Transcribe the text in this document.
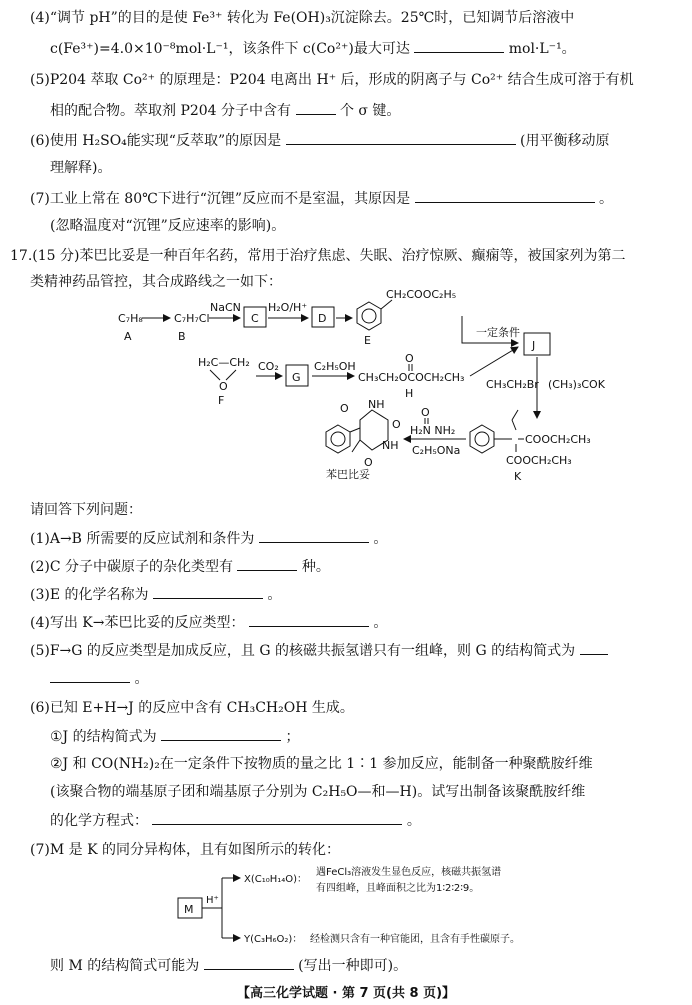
(4)“调节 pH”的目的是使 Fe³⁺ 转化为 Fe(OH)₃沉淀除去。25℃时，已知调节后溶液中
c(Fe³⁺)=4.0×10⁻⁸mol·L⁻¹，该条件下 c(Co²⁺)最大可达	mol·L⁻¹。
(5)P204 萃取 Co²⁺ 的原理是：P204 电离出 H⁺ 后，形成的阴离子与 Co²⁺ 结合生成可溶于有机
相的配合物。萃取剂 P204 分子中含有	个 σ 键。
(6)使用 H₂SO₄能实现“反萃取”的原因是	(用平衡移动原
理解释)。
(7)工业上常在 80℃下进行“沉锂”反应而不是室温，其原因是	。
(忽略温度对“沉锂”反应速率的影响)。
17.(15 分)苯巴比妥是一种百年名药，常用于治疗焦虑、失眠、治疗惊厥、癫痫等，被国家列为第二
类精神药品管控，其合成路线之一如下：
C₇H₈
A
C₇H₇Cl
B
NaCN
C
H₂O/H⁺
D
CH₂COOC₂H₅
E
一定条件
J
H₂C—CH₂
O
F
CO₂
G
C₂H₅OH
O
CH₃CH₂OCOCH₂CH₃
H
CH₃CH₂Br (CH₃)₃COK
COOCH₂CH₃
COOCH₂CH₃
K
O
H₂N NH₂
C₂H₅ONa
O NH
O
NH
O
苯巴比妥
请回答下列问题：
(1)A→B 所需要的反应试剂和条件为	。
(2)C 分子中碳原子的杂化类型有	种。
(3)E 的化学名称为	。
(4)写出 K→苯巴比妥的反应类型：	。
(5)F→G 的反应类型是加成反应，且 G 的核磁共振氢谱只有一组峰，则 G 的结构简式为
。
(6)已知 E+H→J 的反应中含有 CH₃CH₂OH 生成。
①J 的结构简式为	；
②J 和 CO(NH₂)₂在一定条件下按物质的量之比 1∶1 参加反应，能制备一种聚酰胺纤维
(该聚合物的端基原子团和端基原子分别为 C₂H₅O—和—H)。试写出制备该聚酰胺纤维
的化学方程式：	。
(7)M 是 K 的同分异构体，且有如图所示的转化：
M
H⁺
X(C₁₀H₁₄O)：
遇FeCl₃溶液发生显色反应，核磁共振氢谱
有四组峰，且峰面积之比为1∶2∶2∶9。
Y(C₃H₆O₂)： 经检测只含有一种官能团，且含有手性碳原子。
则 M 的结构简式可能为	(写出一种即可)。
【高三化学试题 · 第 7 页(共 8 页)】
